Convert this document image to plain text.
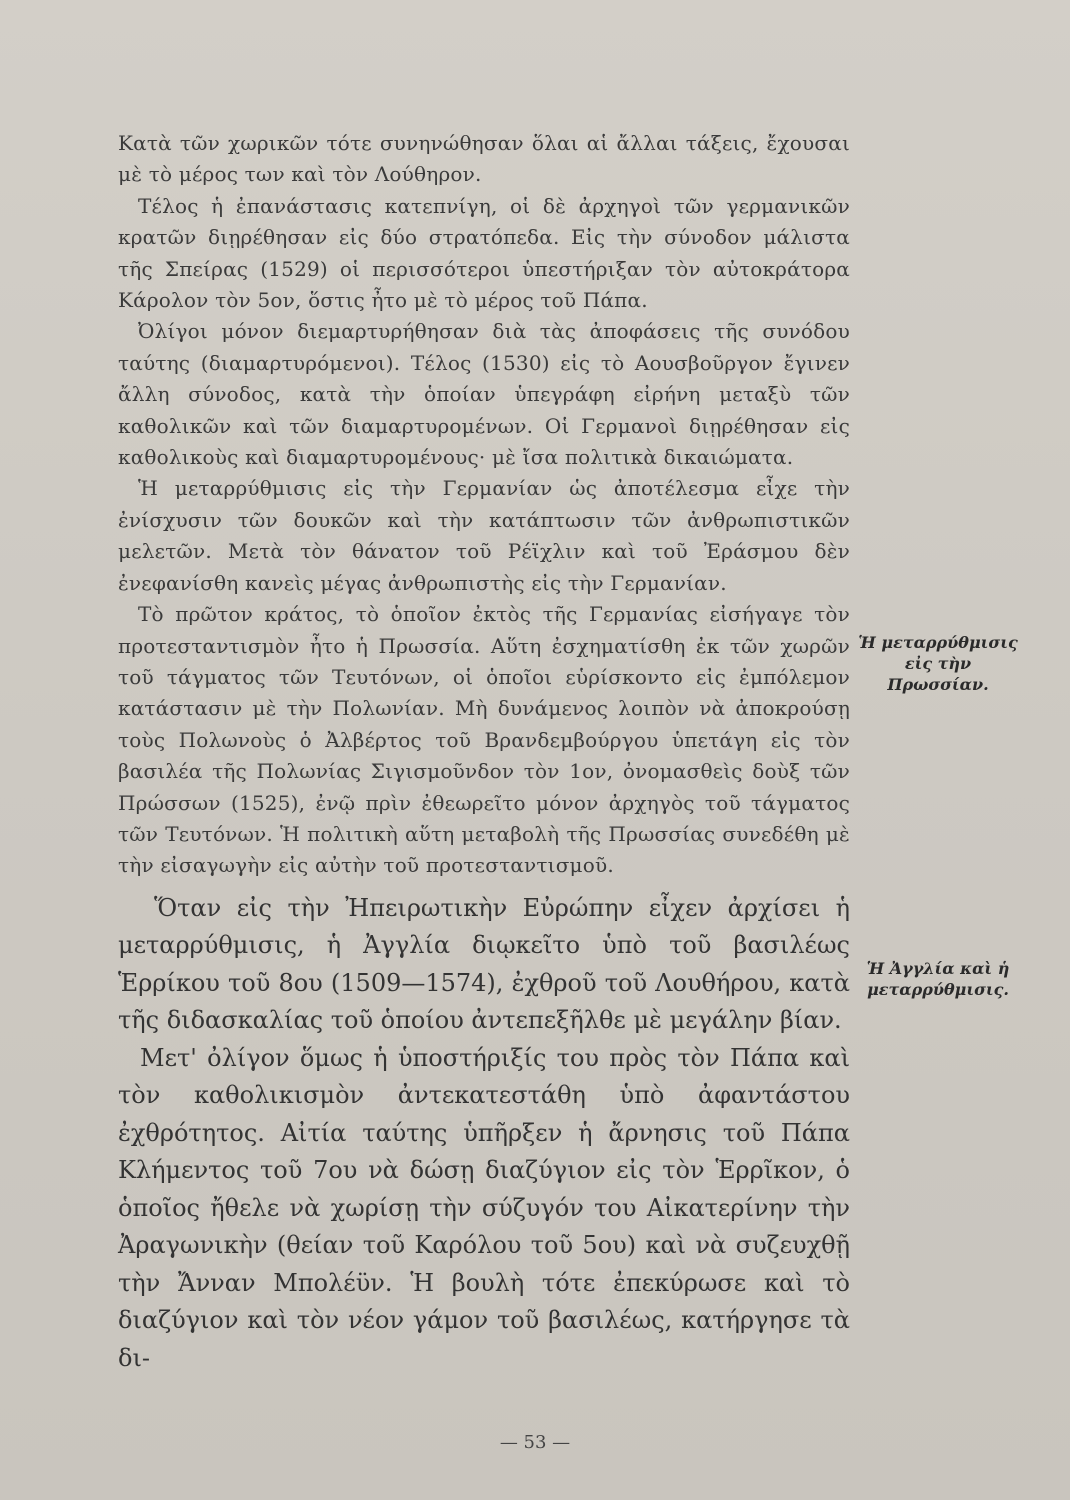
Κατὰ τῶν χωρικῶν τότε συνηνώθησαν ὅλαι αἱ ἄλλαι τάξεις, ἔχουσαι μὲ τὸ μέρος των καὶ τὸν Λούθηρον.

Τέλος ἡ ἐπανάστασις κατεπνίγη, οἱ δὲ ἀρχηγοὶ τῶν γερμανικῶν κρατῶν διῃρέθησαν εἰς δύο στρατόπεδα. Εἰς τὴν σύνοδον μάλιστα τῆς Σπείρας (1529) οἱ περισσότεροι ὑπεστήριξαν τὸν αὐτοκράτορα Κάρολον τὸν 5ον, ὅστις ἦτο μὲ τὸ μέρος τοῦ Πάπα.

Ὀλίγοι μόνον διεμαρτυρήθησαν διὰ τὰς ἀποφάσεις τῆς συνόδου ταύτης (διαμαρτυρόμενοι). Τέλος (1530) εἰς τὸ Αουσβοῦργον ἔγινεν ἄλλη σύνοδος, κατὰ τὴν ὁποίαν ὑπεγράφη εἰρήνη μεταξὺ τῶν καθολικῶν καὶ τῶν διαμαρτυρομένων. Οἱ Γερμανοὶ διῃρέθησαν εἰς καθολικοὺς καὶ διαμαρτυρομένους· μὲ ἴσα πολιτικὰ δικαιώματα.

Ἡ μεταρρύθμισις εἰς τὴν Γερμανίαν ὡς ἀποτέλεσμα εἶχε τὴν ἐνίσχυσιν τῶν δουκῶν καὶ τὴν κατάπτωσιν τῶν ἀνθρωπιστικῶν μελετῶν. Μετὰ τὸν θάνατον τοῦ Ρέϊχλιν καὶ τοῦ Ἐράσμου δὲν ἐνεφανίσθη κανεὶς μέγας ἀνθρωπιστὴς εἰς τὴν Γερμανίαν.

Τὸ πρῶτον κράτος, τὸ ὁποῖον ἐκτὸς τῆς Γερμανίας εἰσήγαγε τὸν προτεσταντισμὸν ἦτο ἡ Πρωσσία. Αὕτη ἐσχηματίσθη ἐκ τῶν χωρῶν τοῦ τάγματος τῶν Τευτόνων, οἱ ὁποῖοι εὑρίσκοντο εἰς ἐμπόλεμον κατάστασιν μὲ τὴν Πολωνίαν. Μὴ δυνάμενος λοιπὸν νὰ ἀποκρούσῃ τοὺς Πολωνοὺς ὁ Ἀλβέρτος τοῦ Βρανδεμβούργου ὑπετάγη εἰς τὸν βασιλέα τῆς Πολωνίας Σιγισμοῦνδον τὸν 1ον, ὀνομασθεὶς δοὺξ τῶν Πρώσσων (1525), ἐνῷ πρὶν ἐθεωρεῖτο μόνον ἀρχηγὸς τοῦ τάγματος τῶν Τευτόνων. Ἡ πολιτικὴ αὕτη μεταβολὴ τῆς Πρωσσίας συνεδέθη μὲ τὴν εἰσαγωγὴν εἰς αὐτὴν τοῦ προτεσταντισμοῦ.

Ὅταν εἰς τὴν Ἠπειρωτικὴν Εὐρώπην εἶχεν ἀρχίσει ἡ μεταρρύθμισις, ἡ Ἀγγλία διῳκεῖτο ὑπὸ τοῦ βασιλέως Ἑρρίκου τοῦ 8ου (1509—1574), ἐχθροῦ τοῦ Λουθήρου, κατὰ τῆς διδασκαλίας τοῦ ὁποίου ἀντεπεξῆλθε μὲ μεγάλην βίαν.

Μετ' ὀλίγον ὅμως ἡ ὑποστήριξίς του πρὸς τὸν Πάπα καὶ τὸν καθολικισμὸν ἀντεκατεστάθη ὑπὸ ἀφαντάστου ἐχθρότητος. Αἰτία ταύτης ὑπῆρξεν ἡ ἄρνησις τοῦ Πάπα Κλήμεντος τοῦ 7ου νὰ δώσῃ διαζύγιον εἰς τὸν Ἑρρῖκον, ὁ ὁποῖος ἤθελε νὰ χωρίσῃ τὴν σύζυγόν του Αἰκατερίνην τὴν Ἀραγωνικὴν (θείαν τοῦ Καρόλου τοῦ 5ου) καὶ νὰ συζευχθῇ τὴν Ἄνναν Μπολέϋν. Ἡ βουλὴ τότε ἐπεκύρωσε καὶ τὸ διαζύγιον καὶ τὸν νέον γάμον τοῦ βασιλέως, κατήργησε τὰ δι-

Ἡ μεταρρύθμισις εἰς τὴν Πρωσσίαν.
Ἡ Ἀγγλία καὶ ἡ μεταρρύθμισις.
— 53 —
